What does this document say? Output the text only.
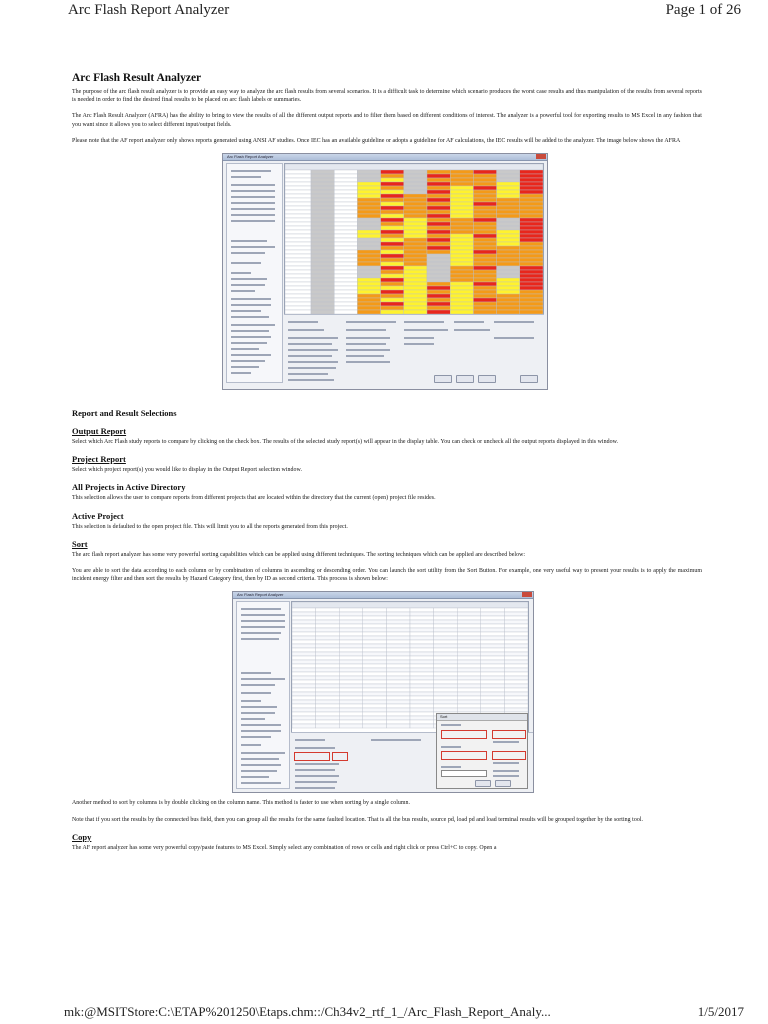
Arc Flash Report Analyzer	Page 1 of 26
Arc Flash Result Analyzer
The purpose of the arc flash result analyzer is to provide an easy way to analyze the arc flash results from several scenarios. It is a difficult task to determine which scenario produces the worst case results and thus manipulation of the results from several reports is needed in order to find the desired final results to be placed on arc flash labels or summaries.
The Arc Flash Result Analyzer (AFRA) has the ability to bring to view the results of all the different output reports and to filter them based on different conditions of interest. The analyzer is a powerful tool for exporting results to MS Excel in any fashion that you want since it allows you to select different input/output fields.
Please note that the AF report analyzer only shows reports generated using ANSI AF studies. Once IEC has an available guideline or adopts a guideline for AF calculations, the IEC results will be added to the analyzer. The image below shows the AFRA
Arc Flash Report Analyzer
Report and Result Selections
Output Report
Select which Arc Flash study reports to compare by clicking on the check box. The results of the selected study report(s) will appear in the display table. You can check or uncheck all the output reports displayed in this window.
Project Report
Select which project report(s) you would like to display in the Output Report selection window.
All Projects in Active Directory
This selection allows the user to compare reports from different projects that are located within the directory that the current (open) project file resides.
Active Project
This selection is defaulted to the open project file. This will limit you to all the reports generated from this project.
Sort
The arc flash report analyzer has some very powerful sorting capabilities which can be applied using different techniques. The sorting techniques which can be applied are described below:
You are able to sort the data according to each column or by combination of columns in ascending or descending order. You can launch the sort utility from the Sort Button. For example, one very useful way to present your results is to apply the maximum incident energy filter and then sort the results by Hazard Category first, then by ID as second criteria. This process is shown below:
Arc Flash Report Analyzer
Sort
Another method to sort by columns is by double clicking on the column name. This method is faster to use when sorting by a single column.
Note that if you sort the results by the connected bus field, then you can group all the results for the same faulted location. That is all the bus results, source pd, load pd and load terminal results will be grouped together by the sorting tool.
Copy
The AF report analyzer has some very powerful copy/paste features to MS Excel. Simply select any combination of rows or cells and right click or press Ctrl+C to copy. Open a
mk:@MSITStore:C:\ETAP%201250\Etaps.chm::/Ch34v2_rtf_1_/Arc_Flash_Report_Analy...	1/5/2017
